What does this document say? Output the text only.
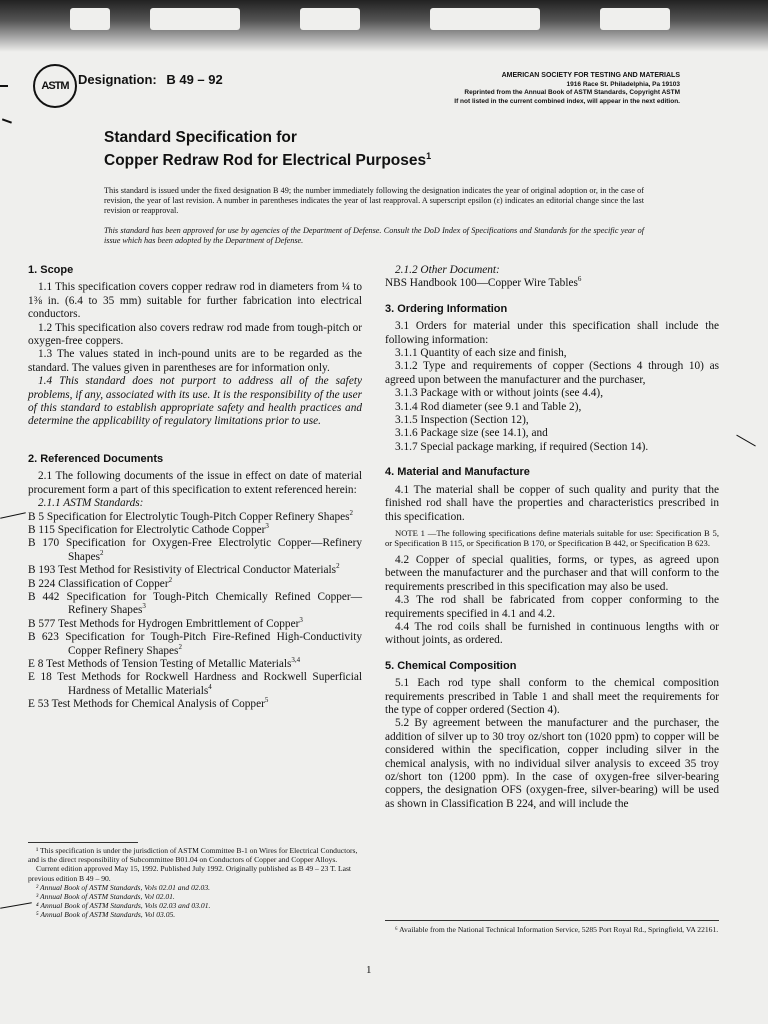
ASTM Designation: B 49 – 92	AMERICAN SOCIETY FOR TESTING AND MATERIALS
1916 Race St. Philadelphia, Pa 19103
Reprinted from the Annual Book of ASTM Standards, Copyright ASTM
If not listed in the current combined index, will appear in the next edition.
Standard Specification for
Copper Redraw Rod for Electrical Purposes$^1$
This standard is issued under the fixed designation B 49; the number immediately following the designation indicates the year of original adoption or, in the case of revision, the year of last revision. A number in parentheses indicates the year of last reapproval. A superscript epsilon (ε) indicates an editorial change since the last revision or reapproval.
This standard has been approved for use by agencies of the Department of Defense. Consult the DoD Index of Specifications and Standards for the specific year of issue which has been adopted by the Department of Defense.
1. Scope

1.1 This specification covers copper redraw rod in diameters from ¼ to 1⅜ in. (6.4 to 35 mm) suitable for further fabrication into electrical conductors.

1.2 This specification also covers redraw rod made from tough-pitch or oxygen-free coppers.

1.3 The values stated in inch-pound units are to be regarded as the standard. The values given in parentheses are for information only.

1.4 This standard does not purport to address all of the safety problems, if any, associated with its use. It is the responsibility of the user of this standard to establish appropriate safety and health practices and determine the applicability of regulatory limitations prior to use.

2. Referenced Documents

2.1 The following documents of the issue in effect on date of material procurement form a part of this specification to extent referenced herein:

2.1.1 ASTM Standards:

B 5 Specification for Electrolytic Tough-Pitch Copper Refinery Shapes$^2$

B 115 Specification for Electrolytic Cathode Copper$^3$

B 170 Specification for Oxygen-Free Electrolytic Copper—Refinery Shapes$^2$

B 193 Test Method for Resistivity of Electrical Conductor Materials$^2$

B 224 Classification of Copper$^2$

B 442 Specification for Tough-Pitch Chemically Refined Copper—Refinery Shapes$^3$

B 577 Test Methods for Hydrogen Embrittlement of Copper$^3$

B 623 Specification for Tough-Pitch Fire-Refined High-Conductivity Copper Refinery Shapes$^2$

E 8 Test Methods of Tension Testing of Metallic Materials$^{3,4}$

E 18 Test Methods for Rockwell Hardness and Rockwell Superficial Hardness of Metallic Materials$^4$

E 53 Test Methods for Chemical Analysis of Copper$^5$

2.1.2 Other Document:

NBS Handbook 100—Copper Wire Tables$^6$

3. Ordering Information

3.1 Orders for material under this specification shall include the following information:

3.1.1 Quantity of each size and finish,

3.1.2 Type and requirements of copper (Sections 4 through 10) as agreed upon between the manufacturer and the purchaser,

3.1.3 Package with or without joints (see 4.4),

3.1.4 Rod diameter (see 9.1 and Table 2),

3.1.5 Inspection (Section 12),

3.1.6 Package size (see 14.1), and

3.1.7 Special package marking, if required (Section 14).

4. Material and Manufacture

4.1 The material shall be copper of such quality and purity that the finished rod shall have the properties and characteristics prescribed in this specification.

NOTE 1 —The following specifications define materials suitable for use: Specification B 5, or Specification B 115, or Specification B 170, or Specification B 442, or Specification B 623.

4.2 Copper of special qualities, forms, or types, as agreed upon between the manufacturer and the purchaser and that will conform to the requirements prescribed in this specification may also be used.

4.3 The rod shall be fabricated from copper conforming to the requirements specified in 4.1 and 4.2.

4.4 The rod coils shall be furnished in continuous lengths with or without joints, as ordered.

5. Chemical Composition

5.1 Each rod type shall conform to the chemical composition requirements prescribed in Table 1 and shall meet the requirements for the type of copper ordered (Section 4).

5.2 By agreement between the manufacturer and the purchaser, the addition of silver up to 30 troy oz/short ton (1020 ppm) to copper will be considered within the specification, copper including silver in the chemical analysis, with no individual silver analysis to exceed 35 troy oz/short ton (1200 ppm). In the case of oxygen-free silver-bearing coppers, the designation OFS (oxygen-free, silver-bearing) will be used as shown in Classification B 224, and will include the

¹ This specification is under the jurisdiction of ASTM Committee B-1 on Wires for Electrical Conductors, and is the direct responsibility of Subcommittee B01.04 on Conductors of Copper and Copper Alloys.

Current edition approved May 15, 1992. Published July 1992. Originally published as B 49 – 23 T. Last previous edition B 49 – 90.

² Annual Book of ASTM Standards, Vols 02.01 and 02.03.

³ Annual Book of ASTM Standards, Vol 02.01.

⁴ Annual Book of ASTM Standards, Vols 02.03 and 03.01.

⁵ Annual Book of ASTM Standards, Vol 03.05.

⁶ Available from the National Technical Information Service, 5285 Port Royal Rd., Springfield, VA 22161.

1
